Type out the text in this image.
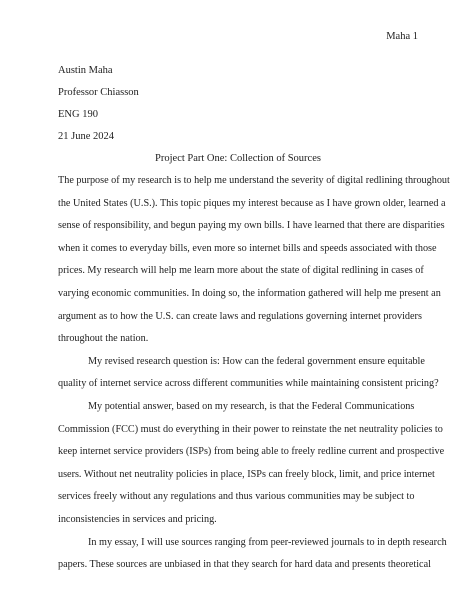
Maha 1
Austin Maha
Professor Chiasson
ENG 190
21 June 2024
Project Part One: Collection of Sources
The purpose of my research is to help me understand the severity of digital redlining throughout
the United States (U.S.). This topic piques my interest because as I have grown older, learned a
sense of responsibility, and begun paying my own bills. I have learned that there are disparities
when it comes to everyday bills, even more so internet bills and speeds associated with those
prices. My research will help me learn more about the state of digital redlining in cases of
varying economic communities. In doing so, the information gathered will help me present an
argument as to how the U.S. can create laws and regulations governing internet providers
throughout the nation.
My revised research question is: How can the federal government ensure equitable
quality of internet service across different communities while maintaining consistent pricing?
My potential answer, based on my research, is that the Federal Communications
Commission (FCC) must do everything in their power to reinstate the net neutrality policies to
keep internet service providers (ISPs) from being able to freely redline current and prospective
users. Without net neutrality policies in place, ISPs can freely block, limit, and price internet
services freely without any regulations and thus various communities may be subject to
inconsistencies in services and pricing.
In my essay, I will use sources ranging from peer-reviewed journals to in depth research
papers. These sources are unbiased in that they search for hard data and presents theoretical
